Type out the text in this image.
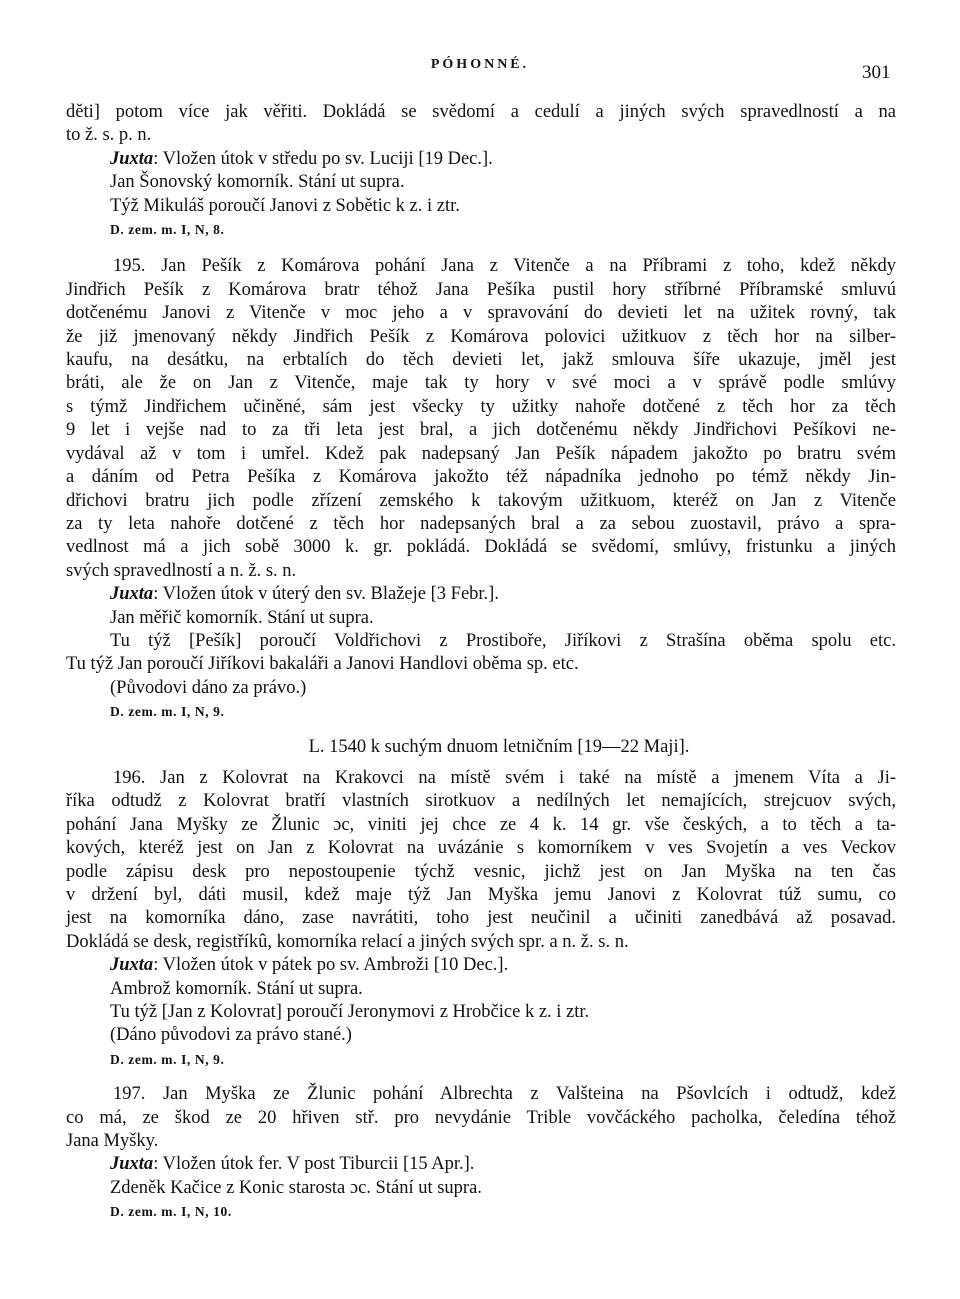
PÓHONNÉ.	301

děti] potom více jak věřiti. Dokládá se svědomí a cedulí a jiných svých spravedlností a na

to ž. s. p. n.

Juxta: Vložen útok v středu po sv. Luciji [19 Dec.].

Jan Šonovský komorník. Stání ut supra.

Týž Mikuláš poroučí Janovi z Sobětic k z. i ztr.

D. zem. m. I, N, 8.

195. Jan Pešík z Komárova pohání Jana z Vitenče a na Příbrami z toho, kdež někdy

Jindřich Pešík z Komárova bratr téhož Jana Pešíka pustil hory stříbrné Příbramské smluvú

dotčenému Janovi z Vitenče v moc jeho a v spravování do devieti let na užitek rovný, tak

že již jmenovaný někdy Jindřich Pešík z Komárova polovici užitkuov z těch hor na silber-

kaufu, na desátku, na erbtalích do těch devieti let, jakž smlouva šíře ukazuje, jměl jest

bráti, ale že on Jan z Vitenče, maje tak ty hory v své moci a v správě podle smlúvy

s týmž Jindřichem učiněné, sám jest všecky ty užitky nahoře dotčené z těch hor za těch

9 let i vejše nad to za tři leta jest bral, a jich dotčenému někdy Jindřichovi Pešíkovi ne-

vydával až v tom i umřel. Kdež pak nadepsaný Jan Pešík nápadem jakožto po bratru svém

a dáním od Petra Pešíka z Komárova jakožto též nápadníka jednoho po témž někdy Jin-

dřichovi bratru jich podle zřízení zemského k takovým užitkuom, kteréž on Jan z Vitenče

za ty leta nahoře dotčené z těch hor nadepsaných bral a za sebou zuostavil, právo a spra-

vedlnost má a jich sobě 3000 k. gr. pokládá. Dokládá se svědomí, smlúvy, fristunku a jiných

svých spravedlností a n. ž. s. n.

Juxta: Vložen útok v úterý den sv. Blažeje [3 Febr.].

Jan měřič komorník. Stání ut supra.

Tu týž [Pešík] poroučí Voldřichovi z Prostiboře, Jiříkovi z Strašína oběma spolu etc.

Tu týž Jan poroučí Jiříkovi bakaláři a Janovi Handlovi oběma sp. etc.

(Původovi dáno za právo.)

D. zem. m. I, N, 9.

L. 1540 k suchým dnuom letničním [19—22 Maji].

196. Jan z Kolovrat na Krakovci na místě svém i také na místě a jmenem Víta a Ji-

říka odtudž z Kolovrat bratří vlastních sirotkuov a nedílných let nemajících, strejcuov svých,

pohání Jana Myšky ze Žlunic ɔc, viniti jej chce ze 4 k. 14 gr. vše českých, a to těch a ta-

kových, kteréž jest on Jan z Kolovrat na uvázánie s komorníkem v ves Svojetín a ves Veckov

podle zápisu desk pro nepostoupenie týchž vesnic, jichž jest on Jan Myška na ten čas

v držení byl, dáti musil, kdež maje týž Jan Myška jemu Janovi z Kolovrat túž sumu, co

jest na komorníka dáno, zase navrátiti, toho jest neučinil a učiniti zanedbává až posavad.

Dokládá se desk, registříkû, komorníka relací a jiných svých spr. a n. ž. s. n.

Juxta: Vložen útok v pátek po sv. Ambroži [10 Dec.].

Ambrož komorník. Stání ut supra.

Tu týž [Jan z Kolovrat] poroučí Jeronymovi z Hrobčice k z. i ztr.

(Dáno původovi za právo stané.)

D. zem. m. I, N, 9.

197. Jan Myška ze Žlunic pohání Albrechta z Valšteina na Pšovlcích i odtudž, kdež

co má, ze škod ze 20 hřiven stř. pro nevydánie Trible vovčáckého pacholka, čeledína téhož

Jana Myšky.

Juxta: Vložen útok fer. V post Tiburcii [15 Apr.].

Zdeněk Kačice z Konic starosta ɔc. Stání ut supra.

D. zem. m. I, N, 10.
